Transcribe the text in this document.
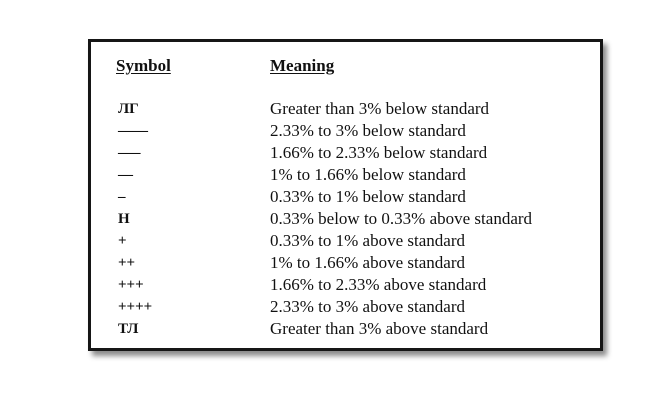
Symbol	Meaning
ЛГ	Greater than 3% below standard
––––	2.33% to 3% below standard
–––	1.66% to 2.33% below standard
––	1% to 1.66% below standard
–	0.33% to 1% below standard
Н	0.33% below to 0.33% above standard
+	0.33% to 1% above standard
++	1% to 1.66% above standard
+++	1.66% to 2.33% above standard
++++	2.33% to 3% above standard
ТЛ	Greater than 3% above standard
